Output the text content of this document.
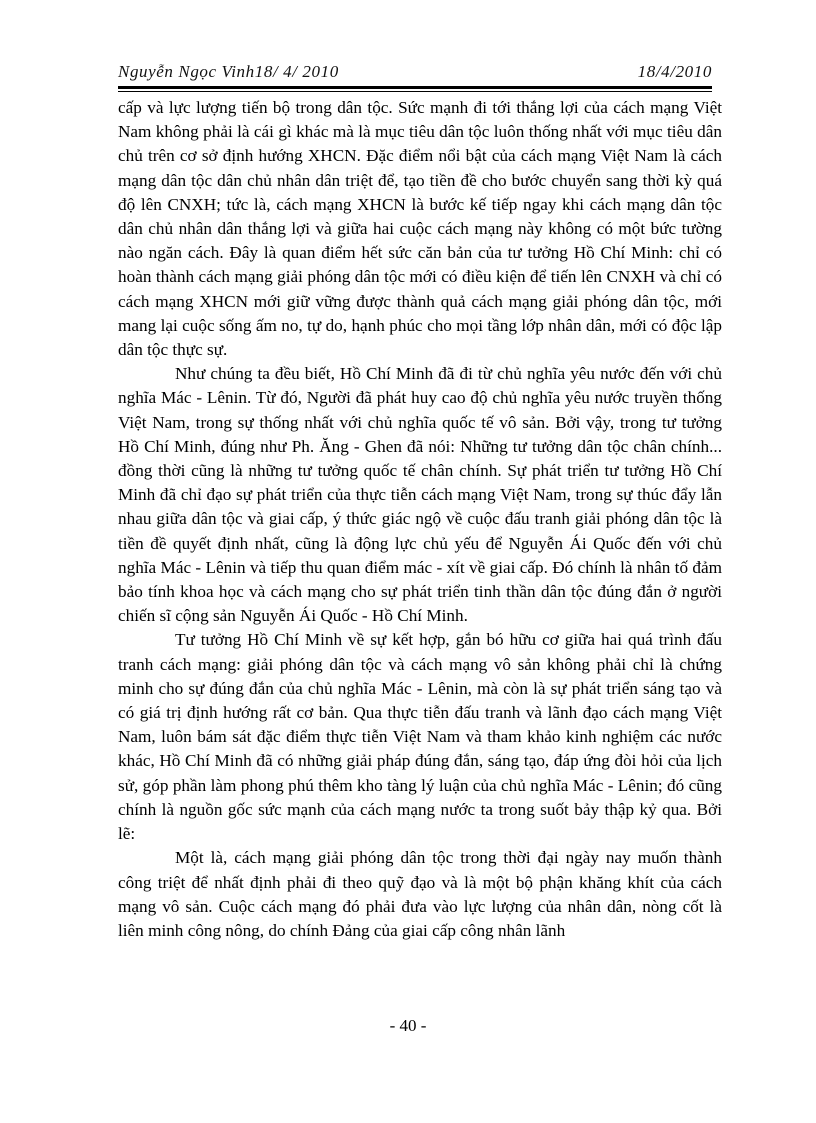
Nguyễn Ngọc Vinh18/ 4/ 2010	18/4/2010

cấp và lực lượng tiến bộ trong dân tộc. Sức mạnh đi tới thắng lợi của cách mạng Việt Nam không phải là cái gì khác mà là mục tiêu dân tộc luôn thống nhất với mục tiêu dân chủ trên cơ sở định hướng XHCN. Đặc điểm nổi bật của cách mạng Việt Nam là cách mạng dân tộc dân chủ nhân dân triệt để, tạo tiền đề cho bước chuyển sang thời kỳ quá độ lên CNXH; tức là, cách mạng XHCN là bước kế tiếp ngay khi cách mạng dân tộc dân chủ nhân dân thắng lợi và giữa hai cuộc cách mạng này không có một bức tường nào ngăn cách. Đây là quan điểm hết sức căn bản của tư tưởng Hồ Chí Minh: chỉ có hoàn thành cách mạng giải phóng dân tộc mới có điều kiện để tiến lên CNXH và chỉ có cách mạng XHCN mới giữ vững được thành quả cách mạng giải phóng dân tộc, mới mang lại cuộc sống ấm no, tự do, hạnh phúc cho mọi tầng lớp nhân dân, mới có độc lập dân tộc thực sự.

Như chúng ta đều biết, Hồ Chí Minh đã đi từ chủ nghĩa yêu nước đến với chủ nghĩa Mác - Lênin. Từ đó, Người đã phát huy cao độ chủ nghĩa yêu nước truyền thống Việt Nam, trong sự thống nhất với chủ nghĩa quốc tế vô sản. Bởi vậy, trong tư tưởng Hồ Chí Minh, đúng như Ph. Ăng - Ghen đã nói: Những tư tưởng dân tộc chân chính... đồng thời cũng là những tư tưởng quốc tế chân chính. Sự phát triển tư tưởng Hồ Chí Minh đã chỉ đạo sự phát triển của thực tiễn cách mạng Việt Nam, trong sự thúc đẩy lẫn nhau giữa dân tộc và giai cấp, ý thức giác ngộ về cuộc đấu tranh giải phóng dân tộc là tiền đề quyết định nhất, cũng là động lực chủ yếu để Nguyễn Ái Quốc đến với chủ nghĩa Mác - Lênin và tiếp thu quan điểm mác - xít về giai cấp. Đó chính là nhân tố đảm bảo tính khoa học và cách mạng cho sự phát triển tinh thần dân tộc đúng đắn ở người chiến sĩ cộng sản Nguyễn Ái Quốc - Hồ Chí Minh.

Tư tưởng Hồ Chí Minh về sự kết hợp, gắn bó hữu cơ giữa hai quá trình đấu tranh cách mạng: giải phóng dân tộc và cách mạng vô sản không phải chỉ là chứng minh cho sự đúng đắn của chủ nghĩa Mác - Lênin, mà còn là sự phát triển sáng tạo và có giá trị định hướng rất cơ bản. Qua thực tiễn đấu tranh và lãnh đạo cách mạng Việt Nam, luôn bám sát đặc điểm thực tiễn Việt Nam và tham khảo kinh nghiệm các nước khác, Hồ Chí Minh đã có những giải pháp đúng đắn, sáng tạo, đáp ứng đòi hỏi của lịch sử, góp phần làm phong phú thêm kho tàng lý luận của chủ nghĩa Mác - Lênin; đó cũng chính là nguồn gốc sức mạnh của cách mạng nước ta trong suốt bảy thập kỷ qua. Bởi lẽ:

Một là, cách mạng giải phóng dân tộc trong thời đại ngày nay muốn thành công triệt để nhất định phải đi theo quỹ đạo và là một bộ phận khăng khít của cách mạng vô sản. Cuộc cách mạng đó phải đưa vào lực lượng của nhân dân, nòng cốt là liên minh công nông, do chính Đảng của giai cấp công nhân lãnh

- 40 -
